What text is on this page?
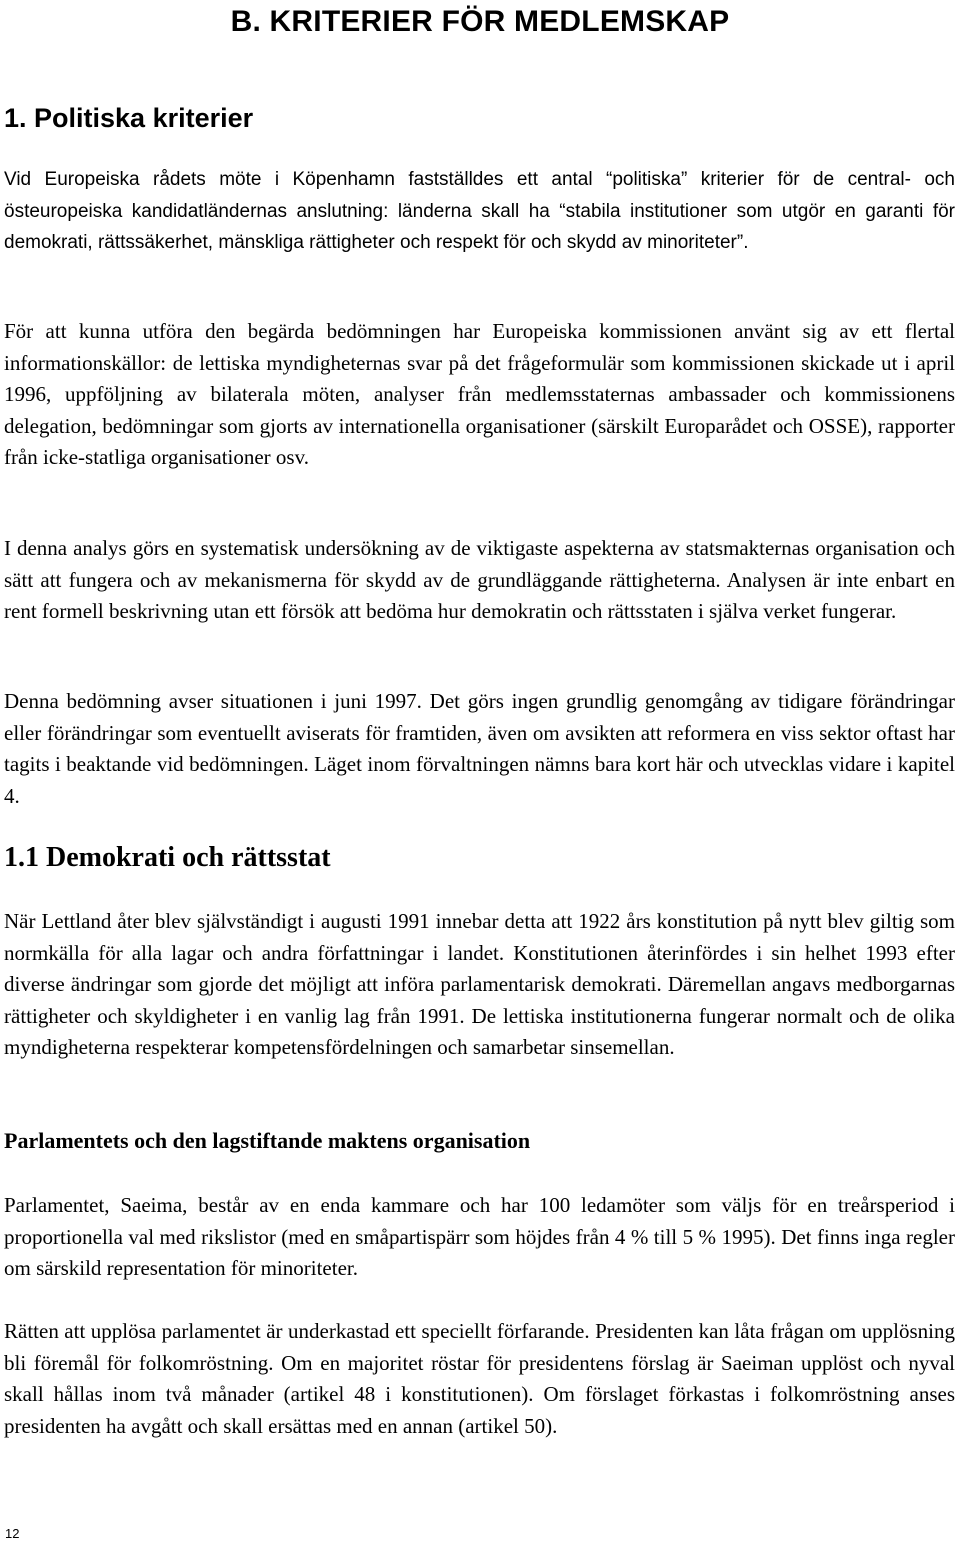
B. KRITERIER FÖR MEDLEMSKAP
1. Politiska kriterier

Vid Europeiska rådets möte i Köpenhamn fastställdes ett antal “politiska” kriterier för de central- och östeuropeiska kandidatländernas anslutning: länderna skall ha “stabila institutioner som utgör en garanti för demokrati, rättssäkerhet, mänskliga rättigheter och respekt för och skydd av minoriteter”.

För att kunna utföra den begärda bedömningen har Europeiska kommissionen använt sig av ett flertal informationskällor: de lettiska myndigheternas svar på det frågeformulär som kommissionen skickade ut i april 1996, uppföljning av bilaterala möten, analyser från medlemsstaternas ambassader och kommissionens delegation, bedömningar som gjorts av internationella organisationer (särskilt Europarådet och OSSE), rapporter från icke-statliga organisationer osv.

I denna analys görs en systematisk undersökning av de viktigaste aspekterna av statsmakternas organisation och sätt att fungera och av mekanismerna för skydd av de grundläggande rättigheterna. Analysen är inte enbart en rent formell beskrivning utan ett försök att bedöma hur demokratin och rättsstaten i själva verket fungerar.

Denna bedömning avser situationen i juni 1997. Det görs ingen grundlig genomgång av tidigare förändringar eller förändringar som eventuellt aviserats för framtiden, även om avsikten att reformera en viss sektor oftast har tagits i beaktande vid bedömningen. Läget inom förvaltningen nämns bara kort här och utvecklas vidare i kapitel 4.

1.1 Demokrati och rättsstat

När Lettland åter blev självständigt i augusti 1991 innebar detta att 1922 års konstitution på nytt blev giltig som normkälla för alla lagar och andra författningar i landet. Konstitutionen återinfördes i sin helhet 1993 efter diverse ändringar som gjorde det möjligt att införa parlamentarisk demokrati. Däremellan angavs medborgarnas rättigheter och skyldigheter i en vanlig lag från 1991. De lettiska institutionerna fungerar normalt och de olika myndigheterna respekterar kompetensfördelningen och samarbetar sinsemellan.

Parlamentets och den lagstiftande maktens organisation

Parlamentet, Saeima, består av en enda kammare och har 100 ledamöter som väljs för en treårsperiod i proportionella val med rikslistor (med en småpartispärr som höjdes från 4 % till 5 % 1995). Det finns inga regler om särskild representation för minoriteter.

Rätten att upplösa parlamentet är underkastad ett speciellt förfarande. Presidenten kan låta frågan om upplösning bli föremål för folkomröstning. Om en majoritet röstar för presidentens förslag är Saeiman upplöst och nyval skall hållas inom två månader (artikel 48 i konstitutionen). Om förslaget förkastas i folkomröstning anses presidenten ha avgått och skall ersättas med en annan (artikel 50).

12
